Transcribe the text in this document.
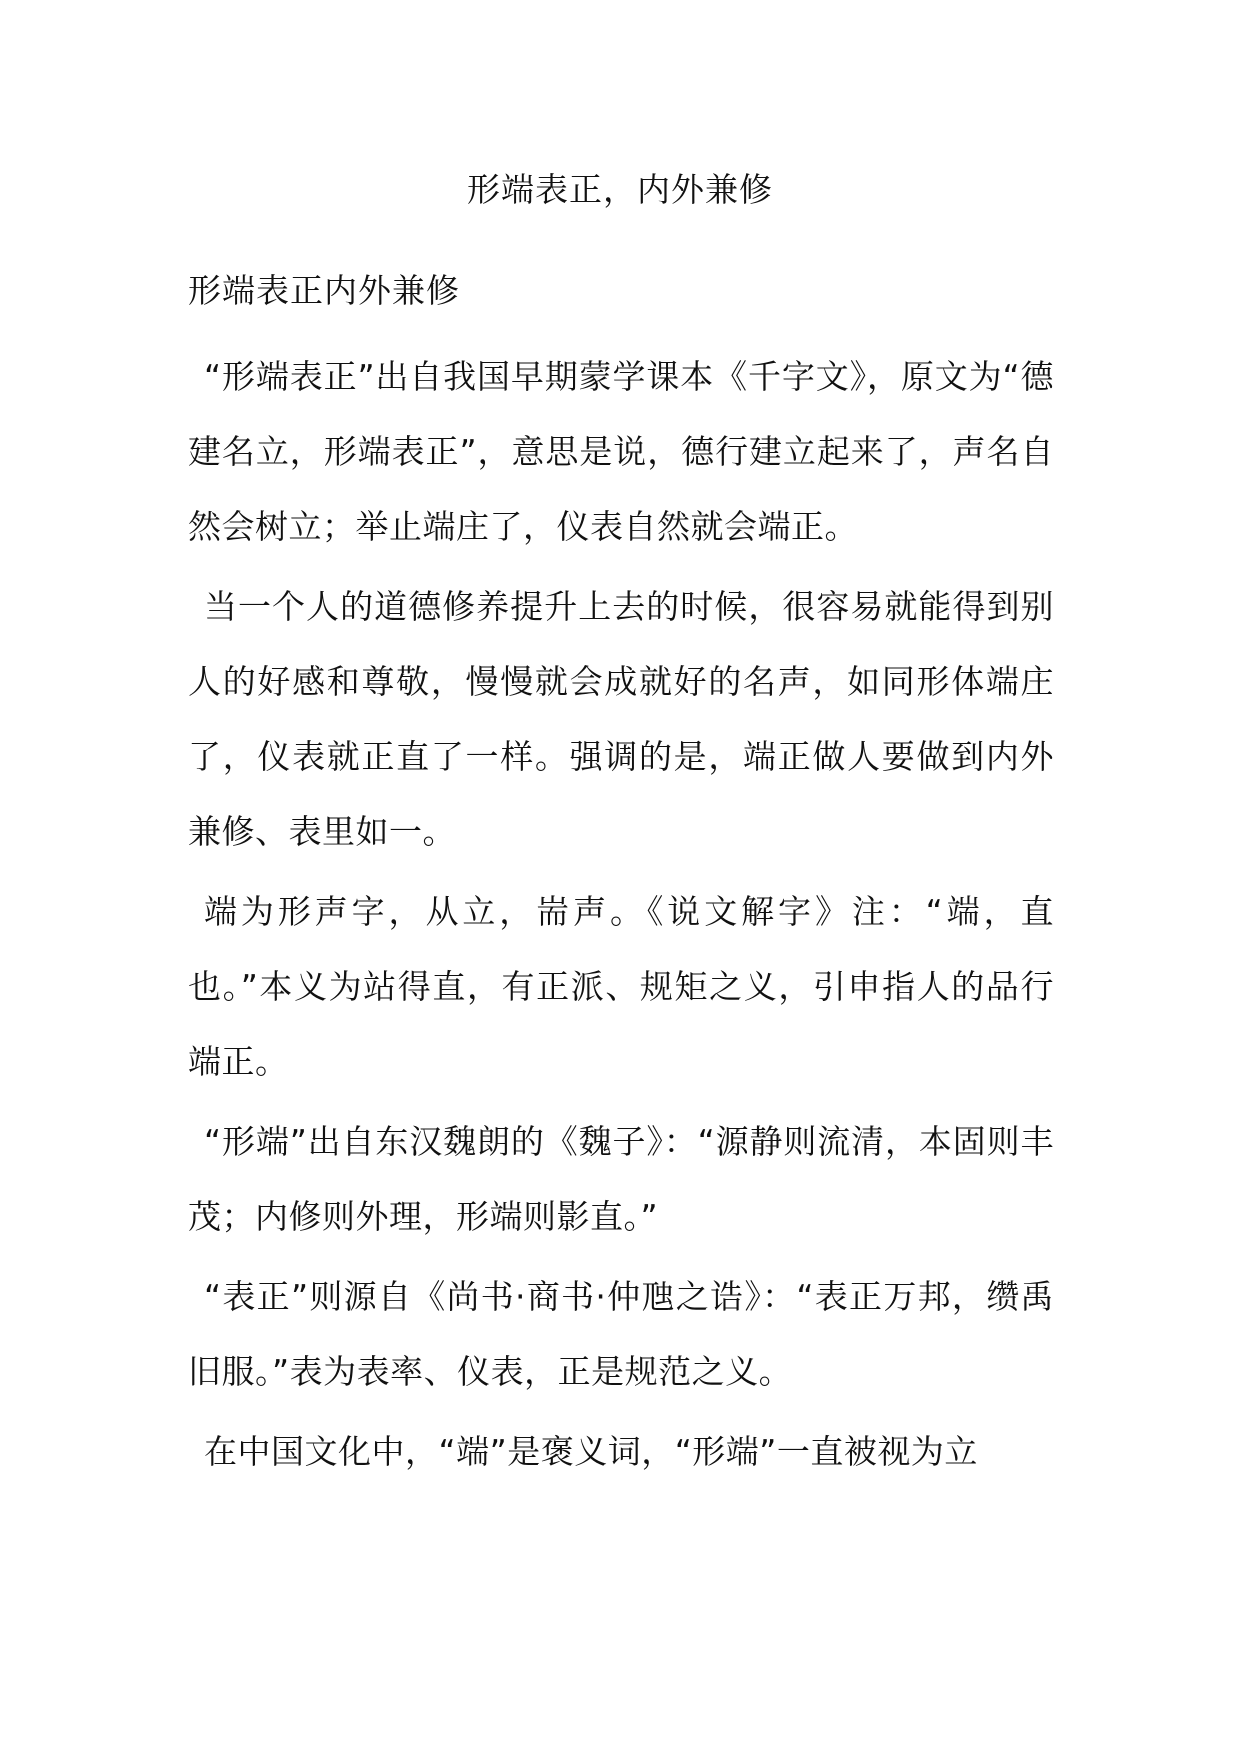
形端表正，内外兼修

形端表正内外兼修

“形端表正”出自我国早期蒙学课本《千字文》，原文为“德建名立，形端表正”，意思是说，德行建立起来了，声名自然会树立；举止端庄了，仪表自然就会端正。

当一个人的道德修养提升上去的时候，很容易就能得到别人的好感和尊敬，慢慢就会成就好的名声，如同形体端庄了，仪表就正直了一样。强调的是，端正做人要做到内外兼修、表里如一。

端为形声字，从立，耑声。《说文解字》注：“端，直也。”本义为站得直，有正派、规矩之义，引申指人的品行端正。

“形端”出自东汉魏朗的《魏子》：“源静则流清，本固则丰茂；内修则外理，形端则影直。”

“表正”则源自《尚书·商书·仲虺之诰》：“表正万邦，缵禹旧服。”表为表率、仪表，正是规范之义。

在中国文化中，“端”是褒义词，“形端”一直被视为立
